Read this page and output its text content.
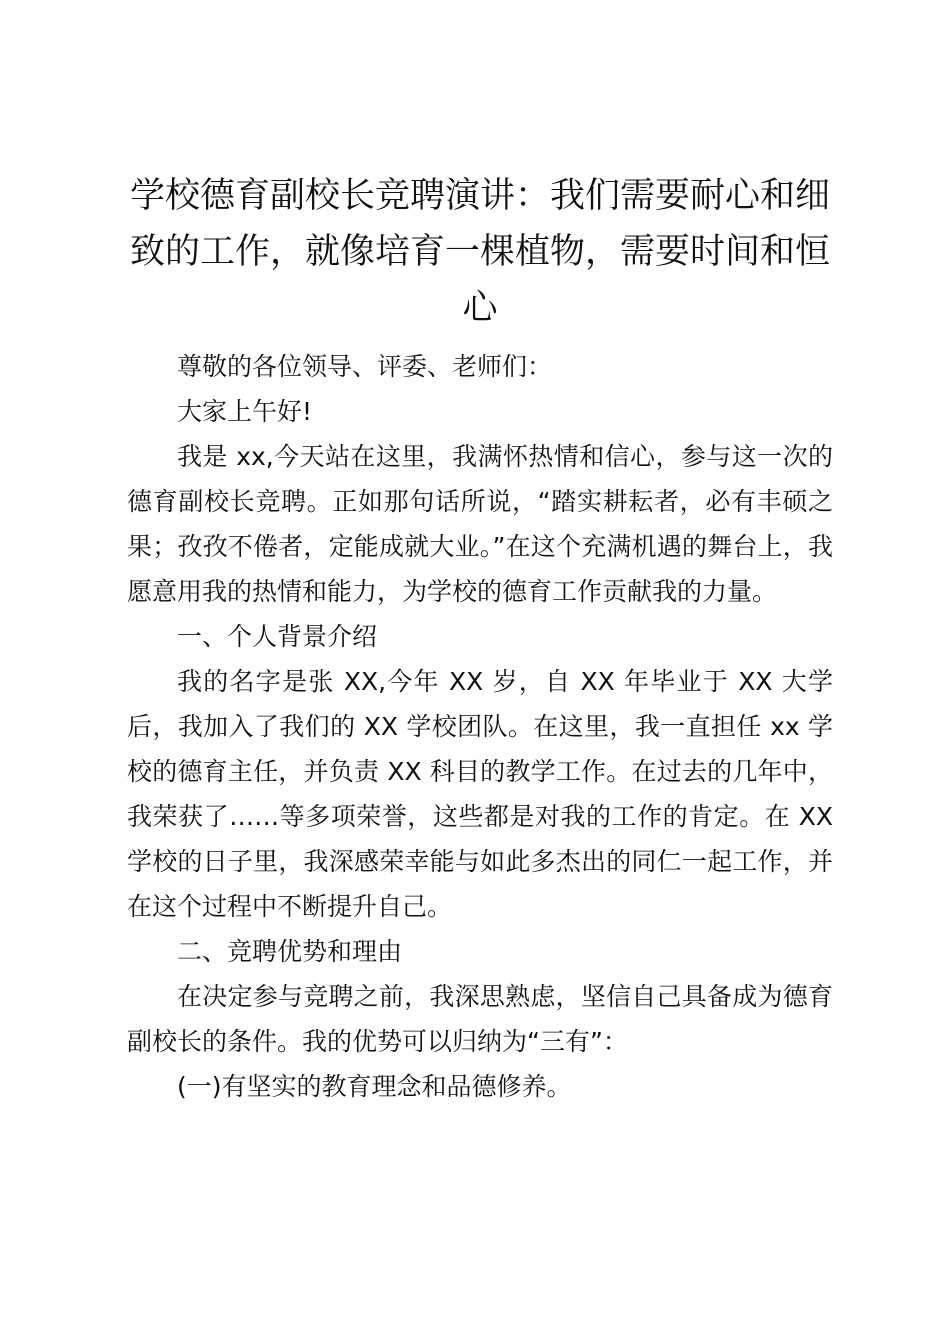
学校德育副校长竞聘演讲：我们需要耐心和细致的工作，就像培育一棵植物，需要时间和恒心

尊敬的各位领导、评委、老师们：

大家上午好!

我是 xx,今天站在这里，我满怀热情和信心，参与这一次的德育副校长竞聘。正如那句话所说，“踏实耕耘者，必有丰硕之果；孜孜不倦者，定能成就大业。”在这个充满机遇的舞台上，我愿意用我的热情和能力，为学校的德育工作贡献我的力量。

一、个人背景介绍

我的名字是张 XX,今年 XX 岁，自 XX 年毕业于 XX 大学后，我加入了我们的 XX 学校团队。在这里，我一直担任 xx 学校的德育主任，并负责 XX 科目的教学工作。在过去的几年中，我荣获了……等多项荣誉，这些都是对我的工作的肯定。在 XX 学校的日子里，我深感荣幸能与如此多杰出的同仁一起工作，并在这个过程中不断提升自己。

二、竞聘优势和理由

在决定参与竞聘之前，我深思熟虑，坚信自己具备成为德育副校长的条件。我的优势可以归纳为“三有”：

(一)有坚实的教育理念和品德修养。
